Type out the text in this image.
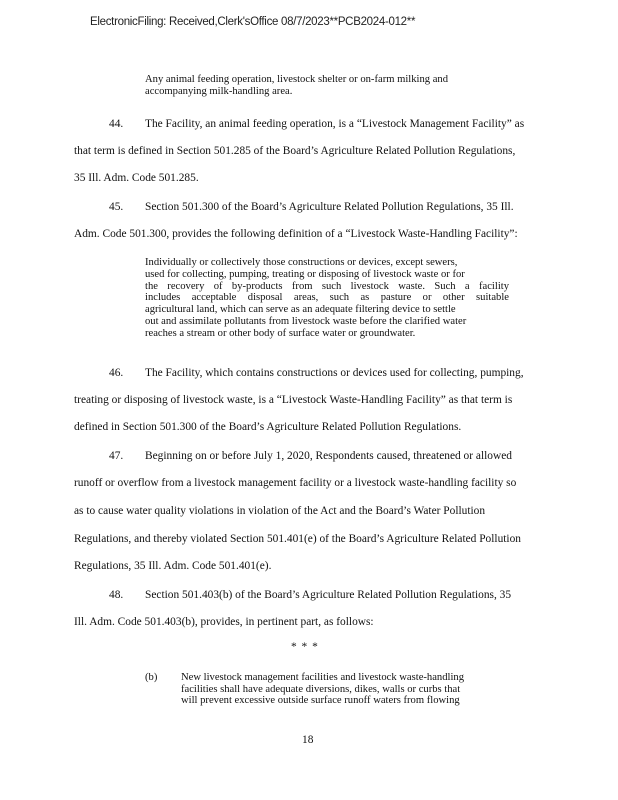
ElectronicFiling: Received,Clerk'sOffice 08/7/2023**PCB2024-012**
Any animal feeding operation, livestock shelter or on-farm milking and
accompanying milk-handling area.
44. The Facility, an animal feeding operation, is a “Livestock Management Facility” as
that term is defined in Section 501.285 of the Board’s Agriculture Related Pollution Regulations,
35 Ill. Adm. Code 501.285.
45. Section 501.300 of the Board’s Agriculture Related Pollution Regulations, 35 Ill.
Adm. Code 501.300, provides the following definition of a “Livestock Waste-Handling Facility”:
Individually or collectively those constructions or devices, except sewers,
used for collecting, pumping, treating or disposing of livestock waste or for
the recovery of by-products from such livestock waste. Such a facility
includes acceptable disposal areas, such as pasture or other suitable
agricultural land, which can serve as an adequate filtering device to settle
out and assimilate pollutants from livestock waste before the clarified water
reaches a stream or other body of surface water or groundwater.
46. The Facility, which contains constructions or devices used for collecting, pumping,
treating or disposing of livestock waste, is a “Livestock Waste-Handling Facility” as that term is
defined in Section 501.300 of the Board’s Agriculture Related Pollution Regulations.
47. Beginning on or before July 1, 2020, Respondents caused, threatened or allowed
runoff or overflow from a livestock management facility or a livestock waste-handling facility so
as to cause water quality violations in violation of the Act and the Board’s Water Pollution
Regulations, and thereby violated Section 501.401(e) of the Board’s Agriculture Related Pollution
Regulations, 35 Ill. Adm. Code 501.401(e).
48. Section 501.403(b) of the Board’s Agriculture Related Pollution Regulations, 35
Ill. Adm. Code 501.403(b), provides, in pertinent part, as follows:
* * *
(b) New livestock management facilities and livestock waste-handling
facilities shall have adequate diversions, dikes, walls or curbs that
will prevent excessive outside surface runoff waters from flowing
18
